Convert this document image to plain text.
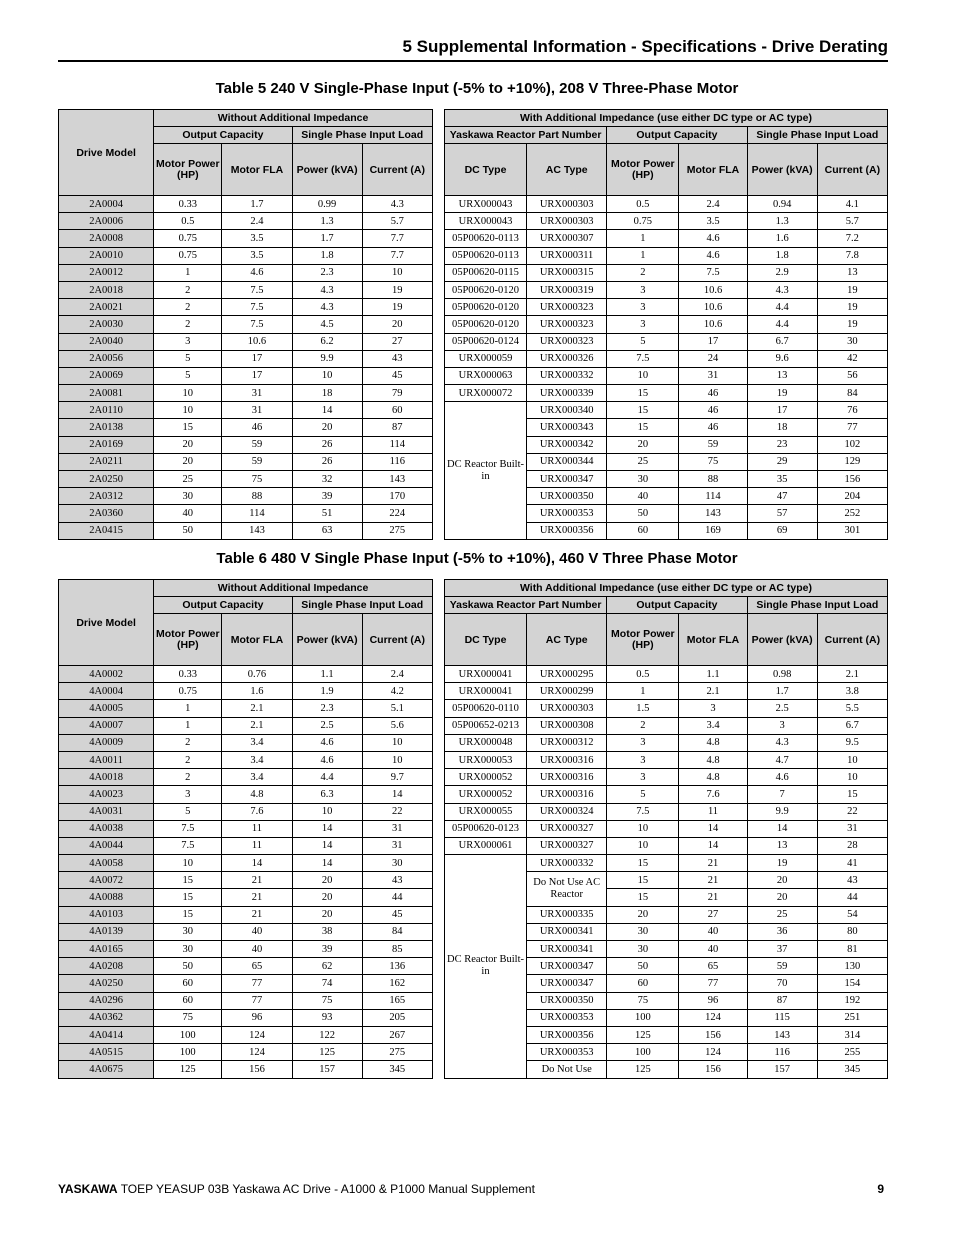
5 Supplemental Information - Specifications - Drive Derating
Table 5 240 V Single-Phase Input (-5% to +10%), 208 V Three-Phase Motor
Drive Model	Without Additional Impedance					With Additional Impedance (use either DC type or AC type)					
	Output Capacity		Single Phase Input Load			Yaskawa Reactor Part Number		Output Capacity		Single Phase Input Load	
	Motor Power (HP)	Motor FLA	Power (kVA)	Current (A)		DC Type	AC Type	Motor Power (HP)	Motor FLA	Power (kVA)	Current (A)
2A0004	0.33	1.7	0.99	4.3		URX000043	URX000303	0.5	2.4	0.94	4.1
2A0006	0.5	2.4	1.3	5.7		URX000043	URX000303	0.75	3.5	1.3	5.7
2A0008	0.75	3.5	1.7	7.7		05P00620-0113	URX000307	1	4.6	1.6	7.2
2A0010	0.75	3.5	1.8	7.7		05P00620-0113	URX000311	1	4.6	1.8	7.8
2A0012	1	4.6	2.3	10		05P00620-0115	URX000315	2	7.5	2.9	13
2A0018	2	7.5	4.3	19		05P00620-0120	URX000319	3	10.6	4.3	19
2A0021	2	7.5	4.3	19		05P00620-0120	URX000323	3	10.6	4.4	19
2A0030	2	7.5	4.5	20		05P00620-0120	URX000323	3	10.6	4.4	19
2A0040	3	10.6	6.2	27		05P00620-0124	URX000323	5	17	6.7	30
2A0056	5	17	9.9	43		URX000059	URX000326	7.5	24	9.6	42
2A0069	5	17	10	45		URX000063	URX000332	10	31	13	56
2A0081	10	31	18	79		URX000072	URX000339	15	46	19	84
2A0110	10	31	14	60		DC Reactor Built-in	URX000340	15	46	17	76
2A0138	15	46	20	87			URX000343	15	46	18	77
2A0169	20	59	26	114			URX000342	20	59	23	102
2A0211	20	59	26	116			URX000344	25	75	29	129
2A0250	25	75	32	143			URX000347	30	88	35	156
2A0312	30	88	39	170			URX000350	40	114	47	204
2A0360	40	114	51	224			URX000353	50	143	57	252
2A0415	50	143	63	275			URX000356	60	169	69	301
Table 6 480 V Single Phase Input (-5% to +10%), 460 V Three Phase Motor
Drive Model	Without Additional Impedance					With Additional Impedance (use either DC type or AC type)					
	Output Capacity		Single Phase Input Load			Yaskawa Reactor Part Number		Output Capacity		Single Phase Input Load	
	Motor Power (HP)	Motor FLA	Power (kVA)	Current (A)		DC Type	AC Type	Motor Power (HP)	Motor FLA	Power (kVA)	Current (A)
4A0002	0.33	0.76	1.1	2.4		URX000041	URX000295	0.5	1.1	0.98	2.1
4A0004	0.75	1.6	1.9	4.2		URX000041	URX000299	1	2.1	1.7	3.8
4A0005	1	2.1	2.3	5.1		05P00620-0110	URX000303	1.5	3	2.5	5.5
4A0007	1	2.1	2.5	5.6		05P00652-0213	URX000308	2	3.4	3	6.7
4A0009	2	3.4	4.6	10		URX000048	URX000312	3	4.8	4.3	9.5
4A0011	2	3.4	4.6	10		URX000053	URX000316	3	4.8	4.7	10
4A0018	2	3.4	4.4	9.7		URX000052	URX000316	3	4.8	4.6	10
4A0023	3	4.8	6.3	14		URX000052	URX000316	5	7.6	7	15
4A0031	5	7.6	10	22		URX000055	URX000324	7.5	11	9.9	22
4A0038	7.5	11	14	31		05P00620-0123	URX000327	10	14	14	31
4A0044	7.5	11	14	31		URX000061	URX000327	10	14	13	28
4A0058	10	14	14	30		DC Reactor Built-in	URX000332	15	21	19	41
4A0072	15	21	20	43			Do Not Use AC Reactor	15	21	20	43
4A0088	15	21	20	44				15	21	20	44
4A0103	15	21	20	45			URX000335	20	27	25	54
4A0139	30	40	38	84			URX000341	30	40	36	80
4A0165	30	40	39	85			URX000341	30	40	37	81
4A0208	50	65	62	136			URX000347	50	65	59	130
4A0250	60	77	74	162			URX000347	60	77	70	154
4A0296	60	77	75	165			URX000350	75	96	87	192
4A0362	75	96	93	205			URX000353	100	124	115	251
4A0414	100	124	122	267			URX000356	125	156	143	314
4A0515	100	124	125	275			URX000353	100	124	116	255
4A0675	125	156	157	345			Do Not Use	125	156	157	345
YASKAWA TOEP YEASUP 03B Yaskawa AC Drive - A1000 & P1000 Manual Supplement	9
